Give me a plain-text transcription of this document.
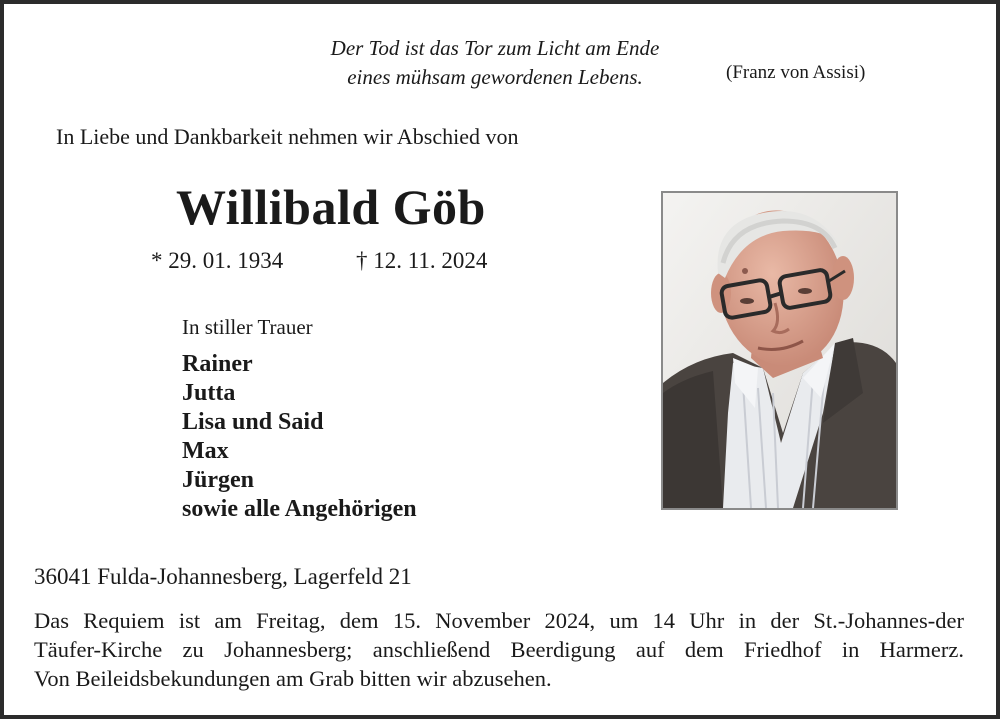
Der Tod ist das Tor zum Licht am Ende
eines mühsam gewordenen Lebens.	(Franz von Assisi)
In Liebe und Dankbarkeit nehmen wir Abschied von
Willibald Göb
* 29. 01. 1934	† 12. 11. 2024
In stiller Trauer
Rainer
Jutta
Lisa und Said
Max
Jürgen
sowie alle Angehörigen
36041 Fulda-Johannesberg, Lagerfeld 21

Das Requiem ist am Freitag, dem 15. November 2024, um 14 Uhr in der St.-Johannes-der

Täufer-Kirche zu Johannesberg; anschließend Beerdigung auf dem Friedhof in Harmerz.

Von Beileidsbekundungen am Grab bitten wir abzusehen.
